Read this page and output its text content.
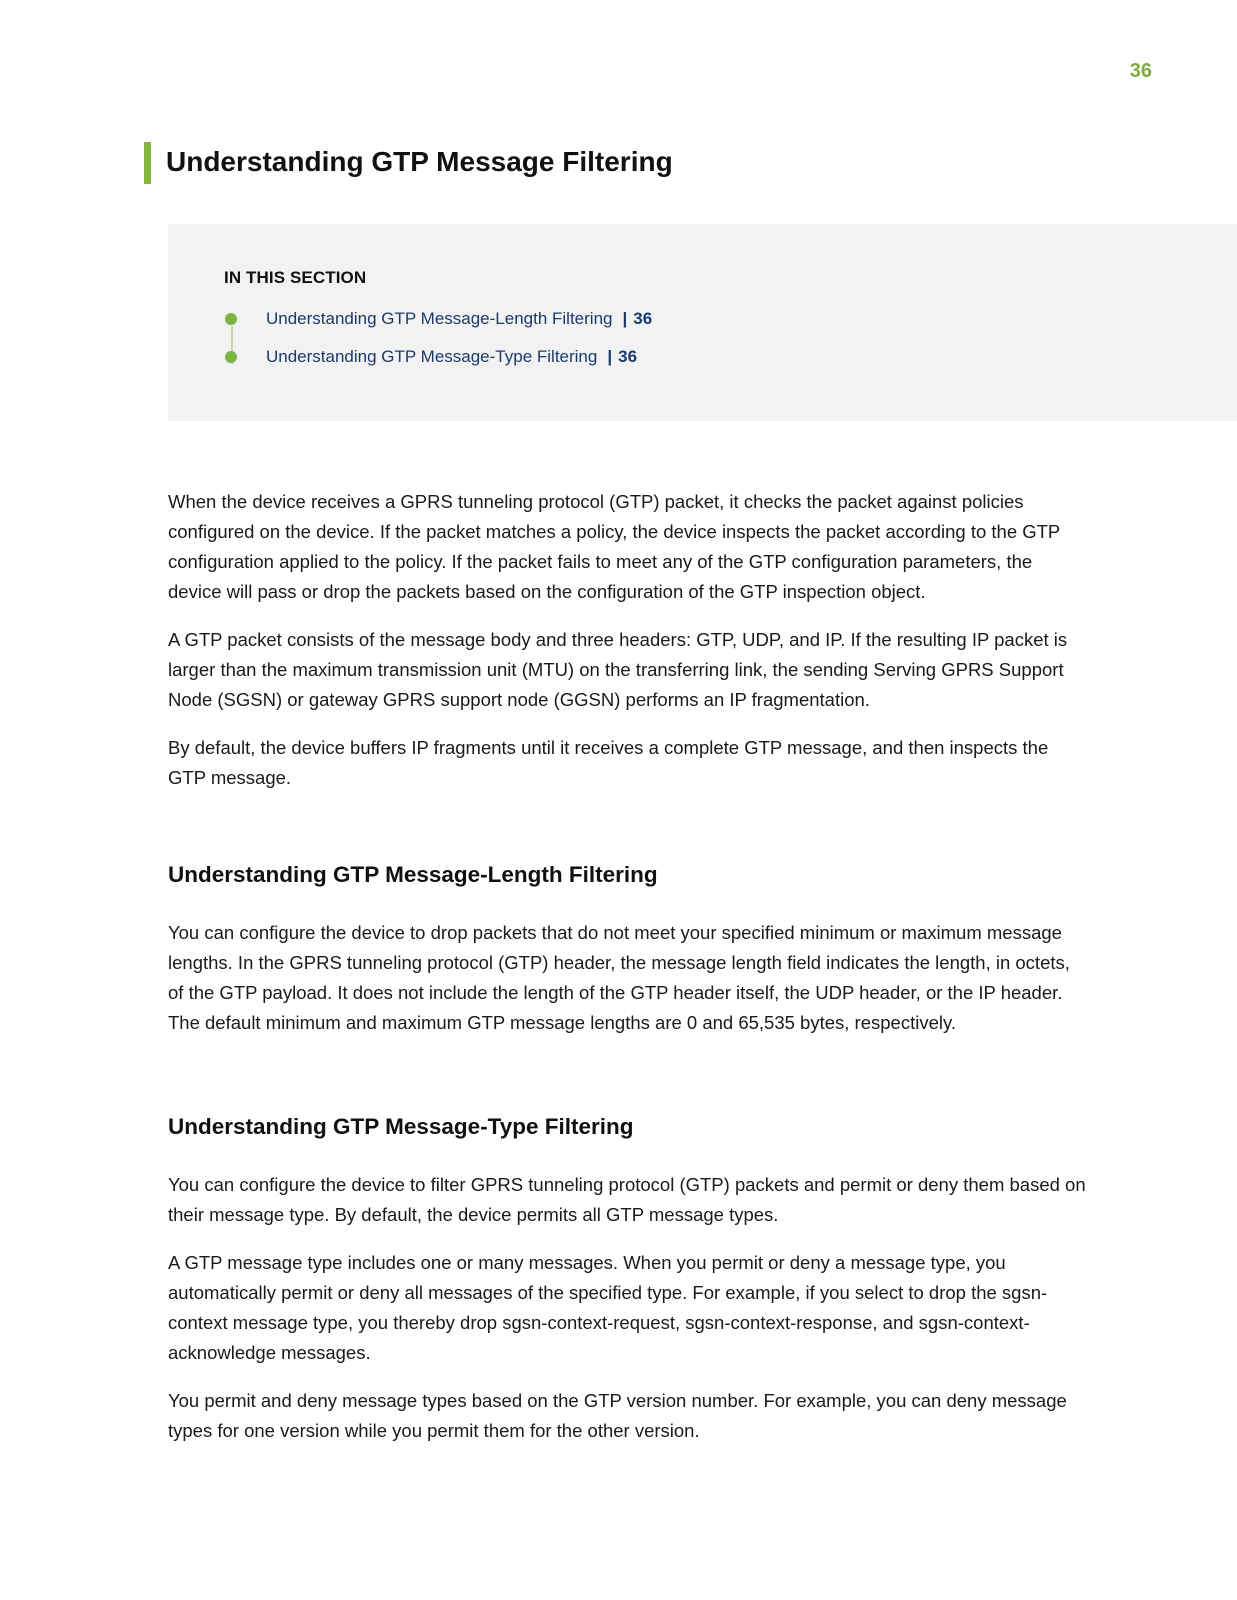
36
Understanding GTP Message Filtering
IN THIS SECTION
Understanding GTP Message-Length Filtering | 36
Understanding GTP Message-Type Filtering | 36

When the device receives a GPRS tunneling protocol (GTP) packet, it checks the packet against policies configured on the device. If the packet matches a policy, the device inspects the packet according to the GTP configuration applied to the policy. If the packet fails to meet any of the GTP configuration parameters, the device will pass or drop the packets based on the configuration of the GTP inspection object.

A GTP packet consists of the message body and three headers: GTP, UDP, and IP. If the resulting IP packet is larger than the maximum transmission unit (MTU) on the transferring link, the sending Serving GPRS Support Node (SGSN) or gateway GPRS support node (GGSN) performs an IP fragmentation.

By default, the device buffers IP fragments until it receives a complete GTP message, and then inspects the GTP message.

Understanding GTP Message-Length Filtering

You can configure the device to drop packets that do not meet your specified minimum or maximum message lengths. In the GPRS tunneling protocol (GTP) header, the message length field indicates the length, in octets, of the GTP payload. It does not include the length of the GTP header itself, the UDP header, or the IP header. The default minimum and maximum GTP message lengths are 0 and 65,535 bytes, respectively.

Understanding GTP Message-Type Filtering

You can configure the device to filter GPRS tunneling protocol (GTP) packets and permit or deny them based on their message type. By default, the device permits all GTP message types.

A GTP message type includes one or many messages. When you permit or deny a message type, you automatically permit or deny all messages of the specified type. For example, if you select to drop the sgsn-context message type, you thereby drop sgsn-context-request, sgsn-context-response, and sgsn-context-acknowledge messages.

You permit and deny message types based on the GTP version number. For example, you can deny message types for one version while you permit them for the other version.
